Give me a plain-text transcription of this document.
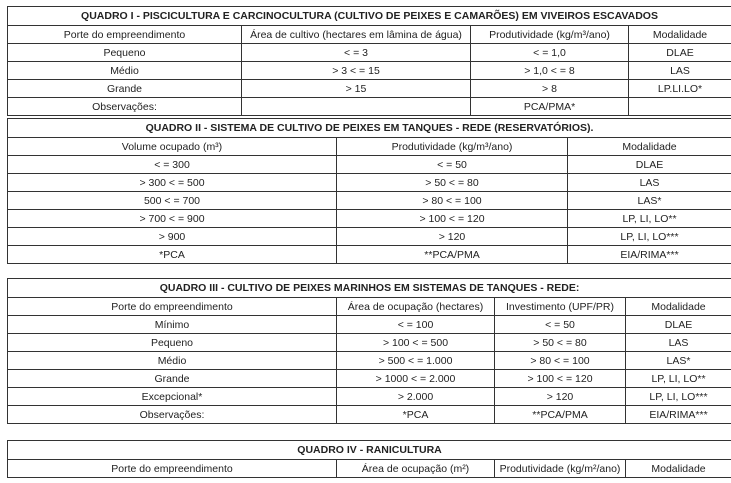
QUADRO I - PISCICULTURA E CARCINOCULTURA (CULTIVO DE PEIXES E CAMARÕES) EM VIVEIROS ESCAVADOS			
Porte do empreendimento	Área de cultivo (hectares em lâmina de água)	Produtividade (kg/m³/ano)	Modalidade
Pequeno	< = 3	< = 1,0	DLAE
Médio	> 3 < = 15	> 1,0 < = 8	LAS
Grande	> 15	> 8	LP.LI.LO*
Observações:		PCA/PMA*	
QUADRO II - SISTEMA DE CULTIVO DE PEIXES EM TANQUES - REDE (RESERVATÓRIOS).		
Volume ocupado (m³)	Produtividade (kg/m³/ano)	Modalidade
< = 300	< = 50	DLAE
> 300 < = 500	> 50 < = 80	LAS
500 < = 700	> 80 < = 100	LAS*
> 700 < = 900	> 100 < = 120	LP, LI, LO**
> 900	> 120	LP, LI, LO***
*PCA	**PCA/PMA	EIA/RIMA***
QUADRO III - CULTIVO DE PEIXES MARINHOS EM SISTEMAS DE TANQUES - REDE:			
Porte do empreendimento	Área de ocupação (hectares)	Investimento (UPF/PR)	Modalidade
Mínimo	< = 100	< = 50	DLAE
Pequeno	> 100 < = 500	> 50 < = 80	LAS
Médio	> 500 < = 1.000	> 80 < = 100	LAS*
Grande	> 1000 < = 2.000	> 100 < = 120	LP, LI, LO**
Excepcional*	> 2.000	> 120	LP, LI, LO***
Observações:	*PCA	**PCA/PMA	EIA/RIMA***
QUADRO IV - RANICULTURA
Porte do empreendimento	Área de ocupação (m²)	Produtividade (kg/m²/ano)	Modalidade
